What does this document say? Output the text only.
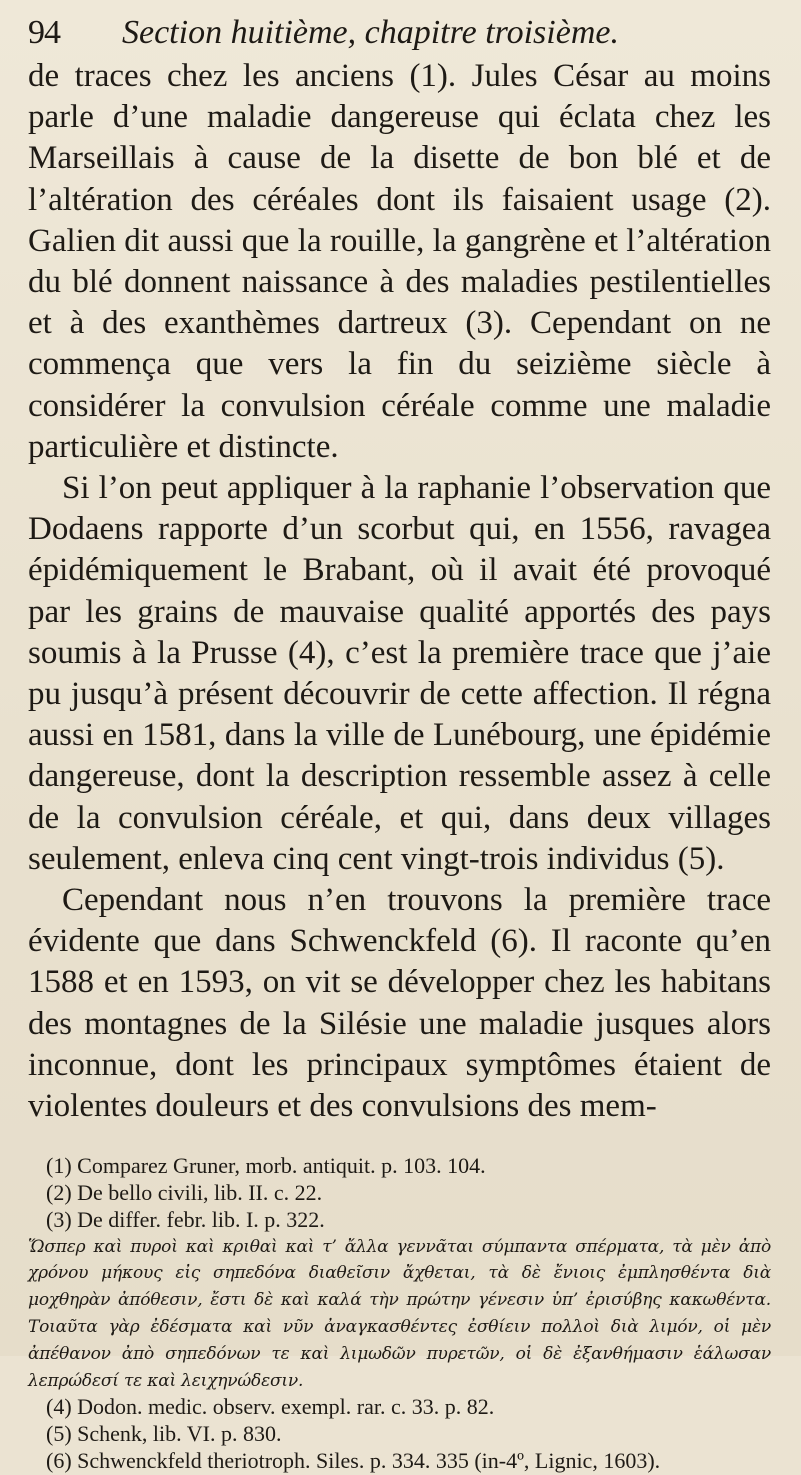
94 Section huitième, chapitre troisième.

de traces chez les anciens (1). Jules César au moins parle d’une maladie dangereuse qui éclata chez les Marseillais à cause de la disette de bon blé et de l’altération des céréales dont ils faisaient usage (2). Galien dit aussi que la rouille, la gangrène et l’altération du blé donnent naissance à des maladies pestilentielles et à des exanthèmes dartreux (3). Cependant on ne commença que vers la fin du seizième siècle à considérer la convulsion céréale comme une maladie particulière et distincte.

Si l’on peut appliquer à la raphanie l’observation que Dodaens rapporte d’un scorbut qui, en 1556, ravagea épidémiquement le Brabant, où il avait été provoqué par les grains de mauvaise qualité apportés des pays soumis à la Prusse (4), c’est la première trace que j’aie pu jusqu’à présent découvrir de cette affection. Il régna aussi en 1581, dans la ville de Lunébourg, une épidémie dangereuse, dont la description ressemble assez à celle de la convulsion céréale, et qui, dans deux villages seulement, enleva cinq cent vingt-trois individus (5).

Cependant nous n’en trouvons la première trace évidente que dans Schwenckfeld (6). Il raconte qu’en 1588 et en 1593, on vit se développer chez les habitans des montagnes de la Silésie une maladie jusques alors inconnue, dont les principaux symptômes étaient de violentes douleurs et des convulsions des mem-

(1) Comparez Gruner, morb. antiquit. p. 103. 104.

(2) De bello civili, lib. II. c. 22.

(3) De differ. febr. lib. I. p. 322.

Ὥσπερ καὶ πυροὶ καὶ κριθαὶ καὶ τ’ ἄλλα γεννᾶται σύμπαντα σπέρματα, τὰ μὲν ἀπὸ χρόνου μήκους εἰς σηπεδόνα διαθεῖσιν ἄχθεται, τὰ δὲ ἔνιοις ἐμπλησθέντα διὰ μοχθηρὰν ἀπόθεσιν, ἔστι δὲ καὶ καλά τὴν πρώτην γένεσιν ὑπ’ ἐρισύβης κακωθέντα. Τοιαῦτα γὰρ ἐδέσματα καὶ νῦν ἀναγκασθέντες ἐσθίειν πολλοὶ διὰ λιμόν, οἱ μὲν ἀπέθανον ἀπὸ σηπεδόνων τε καὶ λιμωδῶν πυρετῶν, οἱ δὲ ἐξανθήμασιν ἑάλωσαν λεπρώδεσί τε καὶ λειχηνώδεσιν.

(4) Dodon. medic. observ. exempl. rar. c. 33. p. 82.

(5) Schenk, lib. VI. p. 830.

(6) Schwenckfeld theriotroph. Siles. p. 334. 335 (in-4º, Lignic, 1603).
